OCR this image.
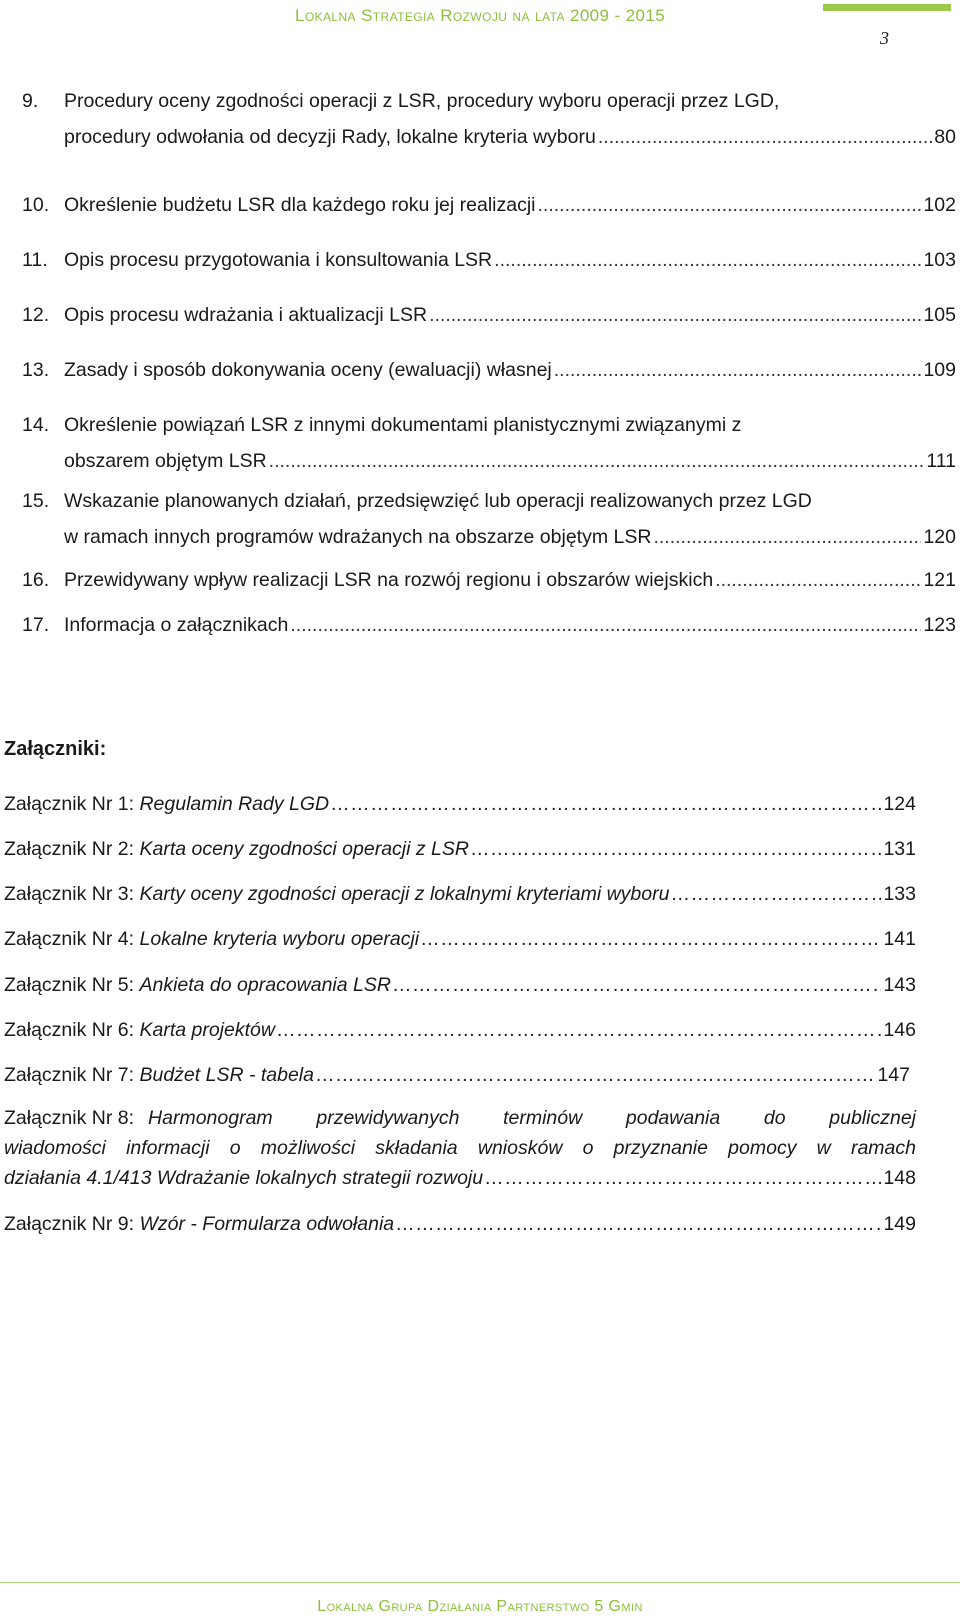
Lokalna Strategia Rozwoju na lata 2009 - 2015
3
9.	Procedury oceny zgodności operacji z LSR, procedury wyboru operacji przez LGD,
procedury odwołania od decyzji Rady, lokalne kryteria wyboru .....	80
10. Określenie budżetu LSR dla każdego roku jej realizacji .....	102
11. Opis procesu przygotowania i konsultowania LSR .....	103
12. Opis procesu wdrażania i aktualizacji LSR .....	105
13. Zasady i sposób dokonywania oceny (ewaluacji) własnej .....	109
14. Określenie powiązań LSR z innymi dokumentami planistycznymi związanymi z
obszarem objętym LSR .....	111
15. Wskazanie planowanych działań, przedsięwzięć lub operacji realizowanych przez LGD
w ramach innych programów wdrażanych na obszarze objętym LSR .....	120
16. Przewidywany wpływ realizacji LSR na rozwój regionu i obszarów wiejskich .....	121
17. Informacja o załącznikach .....	123
Załączniki:
Załącznik Nr 1:
Regulamin Rady LGD ……………………………………………………………………………………………………………………………………………………………………………………	124
Załącznik Nr 2:
Karta oceny zgodności operacji z LSR ……………………………………………………………………………………………………………………………………………………………………………………	131
Załącznik Nr 3:
Karty oceny zgodności operacji z lokalnymi kryteriami wyboru ……………………………………………………………………………………………………………………………………………………………………………………	133
Załącznik Nr 4:
Lokalne kryteria wyboru operacji ……………………………………………………………………………………………………………………………………………………………………………………	141
Załącznik Nr 5:
Ankieta do opracowania LSR ……………………………………………………………………………………………………………………………………………………………………………………	143
Załącznik Nr 6:
Karta projektów ……………………………………………………………………………………………………………………………………………………………………………………	146
Załącznik Nr 7:
Budżet LSR - tabela ……………………………………………………………………………………………………………………………………………………………………………………	147
Załącznik Nr 8: Harmonogram przewidywanych terminów podawania do publicznej
wiadomości informacji o możliwości składania wniosków o przyznanie pomocy w ramach
działania 4.1/413 Wdrażanie lokalnych strategii rozwoju ……………………………………………………………………………………………………………………………………………………………………………………	148
Załącznik Nr 9:
Wzór - Formularza odwołania ……………………………………………………………………………………………………………………………………………………………………………………	149
Lokalna Grupa Działania Partnerstwo 5 Gmin
